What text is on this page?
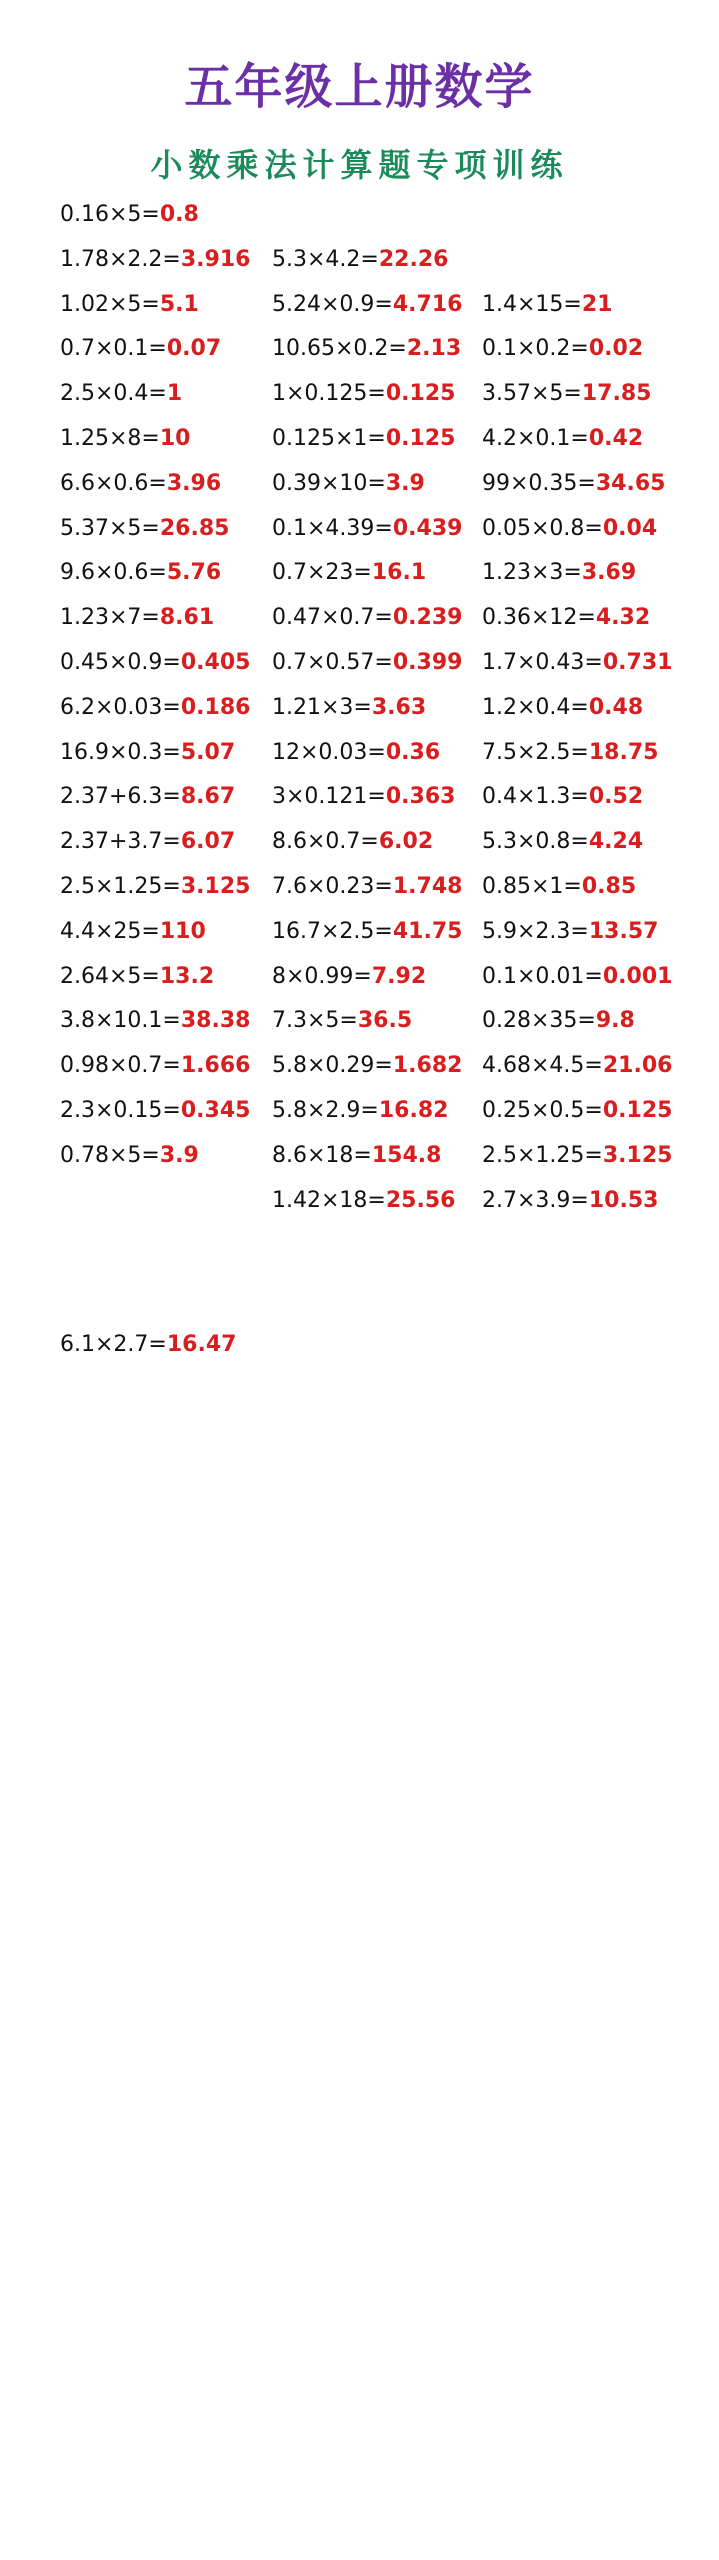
五年级上册数学
小数乘法计算题专项训练
0.16×5=0.8
1.78×2.2=3.916
1.02×5=5.1
0.7×0.1=0.07
2.5×0.4=1
1.25×8=10
6.6×0.6=3.96
5.37×5=26.85
9.6×0.6=5.76
1.23×7=8.61
0.45×0.9=0.405
6.2×0.03=0.186
16.9×0.3=5.07
2.37+6.3=8.67
2.37+3.7=6.07
2.5×1.25=3.125
4.4×25=110
2.64×5=13.2
3.8×10.1=38.38
0.98×0.7=1.666
2.3×0.15=0.345
0.78×5=3.9
5.3×4.2=22.26
5.24×0.9=4.716
10.65×0.2=2.13
1×0.125=0.125
0.125×1=0.125
0.39×10=3.9
0.1×4.39=0.439
0.7×23=16.1
0.47×0.7=0.239
0.7×0.57=0.399
1.21×3=3.63
12×0.03=0.36
3×0.121=0.363
8.6×0.7=6.02
7.6×0.23=1.748
16.7×2.5=41.75
8×0.99=7.92
7.3×5=36.5
5.8×0.29=1.682
5.8×2.9=16.82
8.6×18=154.8
1.42×18=25.56
1.4×15=21
0.1×0.2=0.02
3.57×5=17.85
4.2×0.1=0.42
99×0.35=34.65
0.05×0.8=0.04
1.23×3=3.69
0.36×12=4.32
1.7×0.43=0.731
1.2×0.4=0.48
7.5×2.5=18.75
0.4×1.3=0.52
5.3×0.8=4.24
0.85×1=0.85
5.9×2.3=13.57
0.1×0.01=0.001
0.28×35=9.8
4.68×4.5=21.06
0.25×0.5=0.125
2.5×1.25=3.125
2.7×3.9=10.53
6.1×2.7=16.47
